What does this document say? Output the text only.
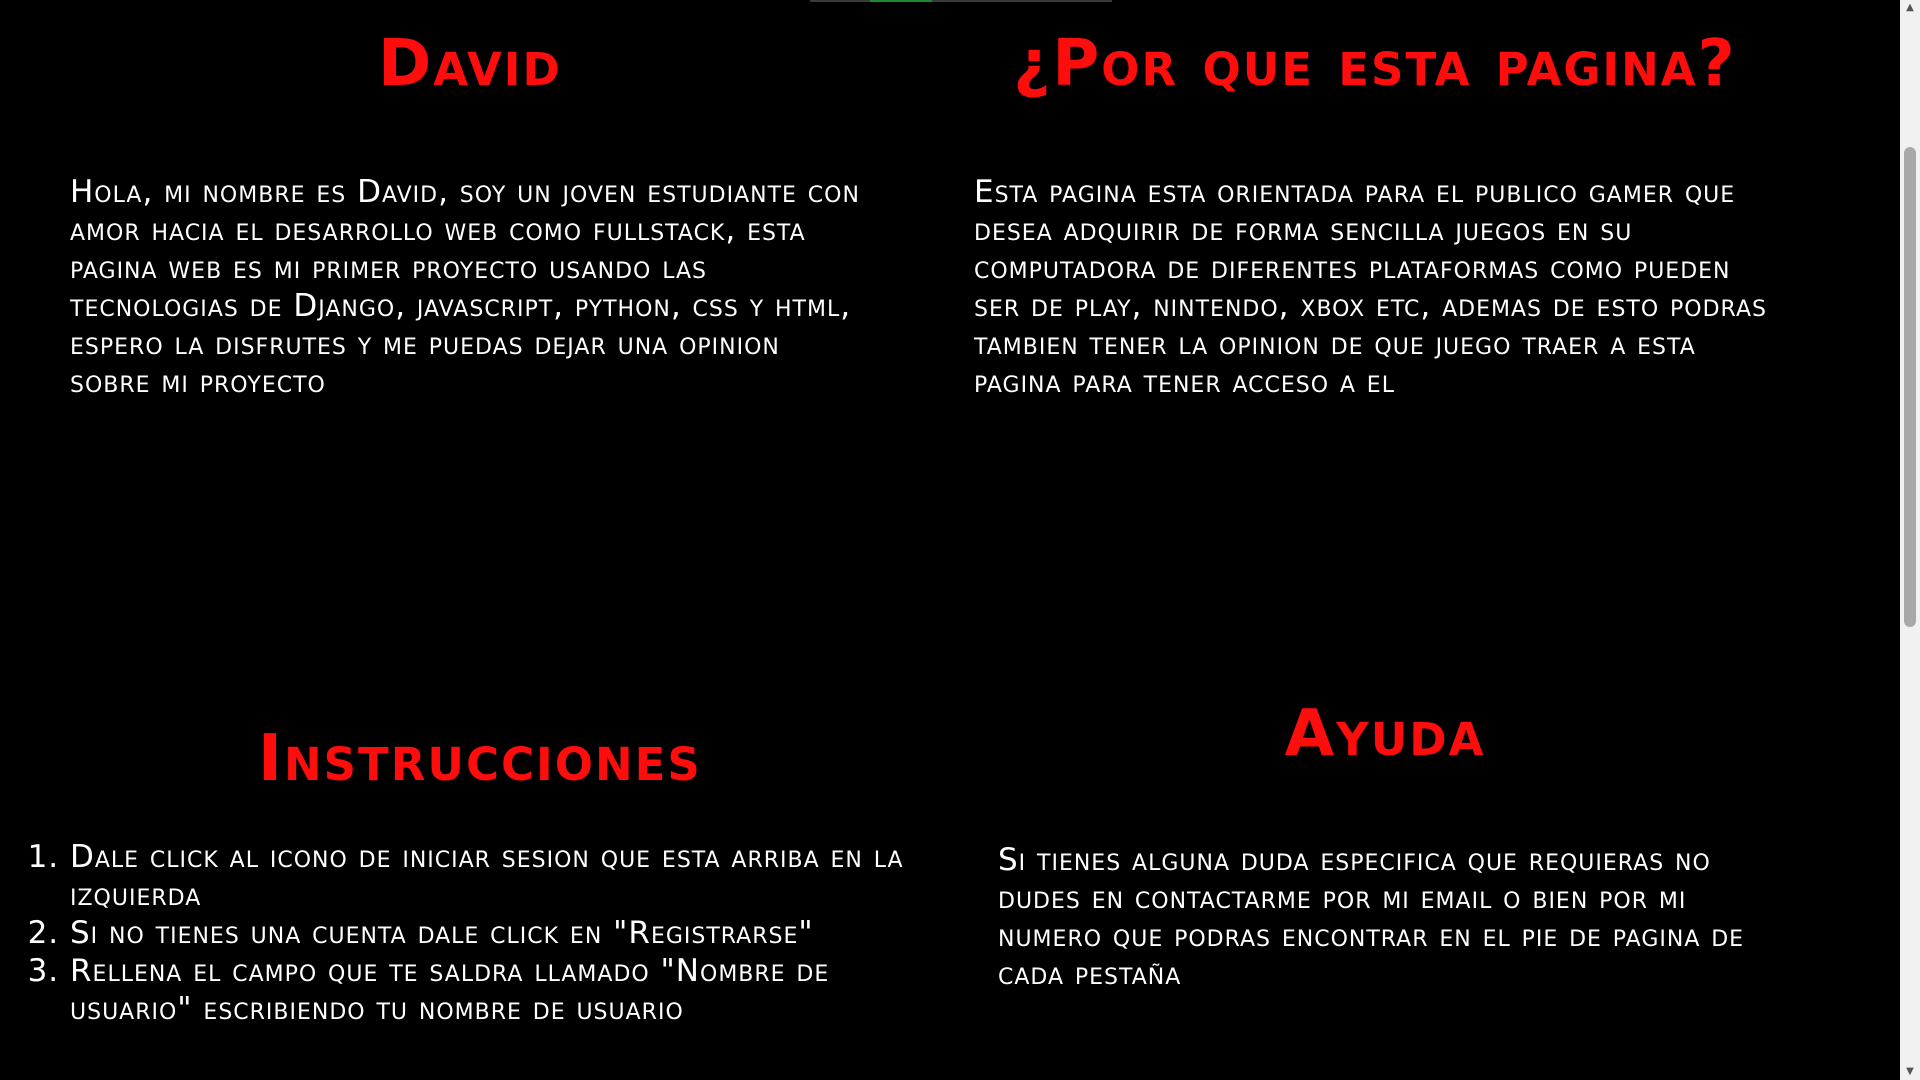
David

Hola, mi nombre es David, soy un joven estudiante con amor hacia el desarrollo web como fullstack, esta pagina web es mi primer proyecto usando las tecnologias de Django, javascript, python, css y html, espero la disfrutes y me puedas dejar una opinion sobre mi proyecto

¿Por que esta pagina?

Esta pagina esta orientada para el publico gamer que desea adquirir de forma sencilla juegos en su computadora de diferentes plataformas como pueden ser de play, nintendo, xbox etc, ademas de esto podras tambien tener la opinion de que juego traer a esta pagina para tener acceso a el

Instrucciones
1. Dale click al icono de iniciar sesion que esta arriba en la izquierda
2. Si no tienes una cuenta dale click en "Registrarse"
3. Rellena el campo que te saldra llamado "Nombre de usuario" escribiendo tu nombre de usuario
Ayuda

Si tienes alguna duda especifica que requieras no dudes en contactarme por mi email o bien por mi numero que podras encontrar en el pie de pagina de cada pestaña

▲
▼
